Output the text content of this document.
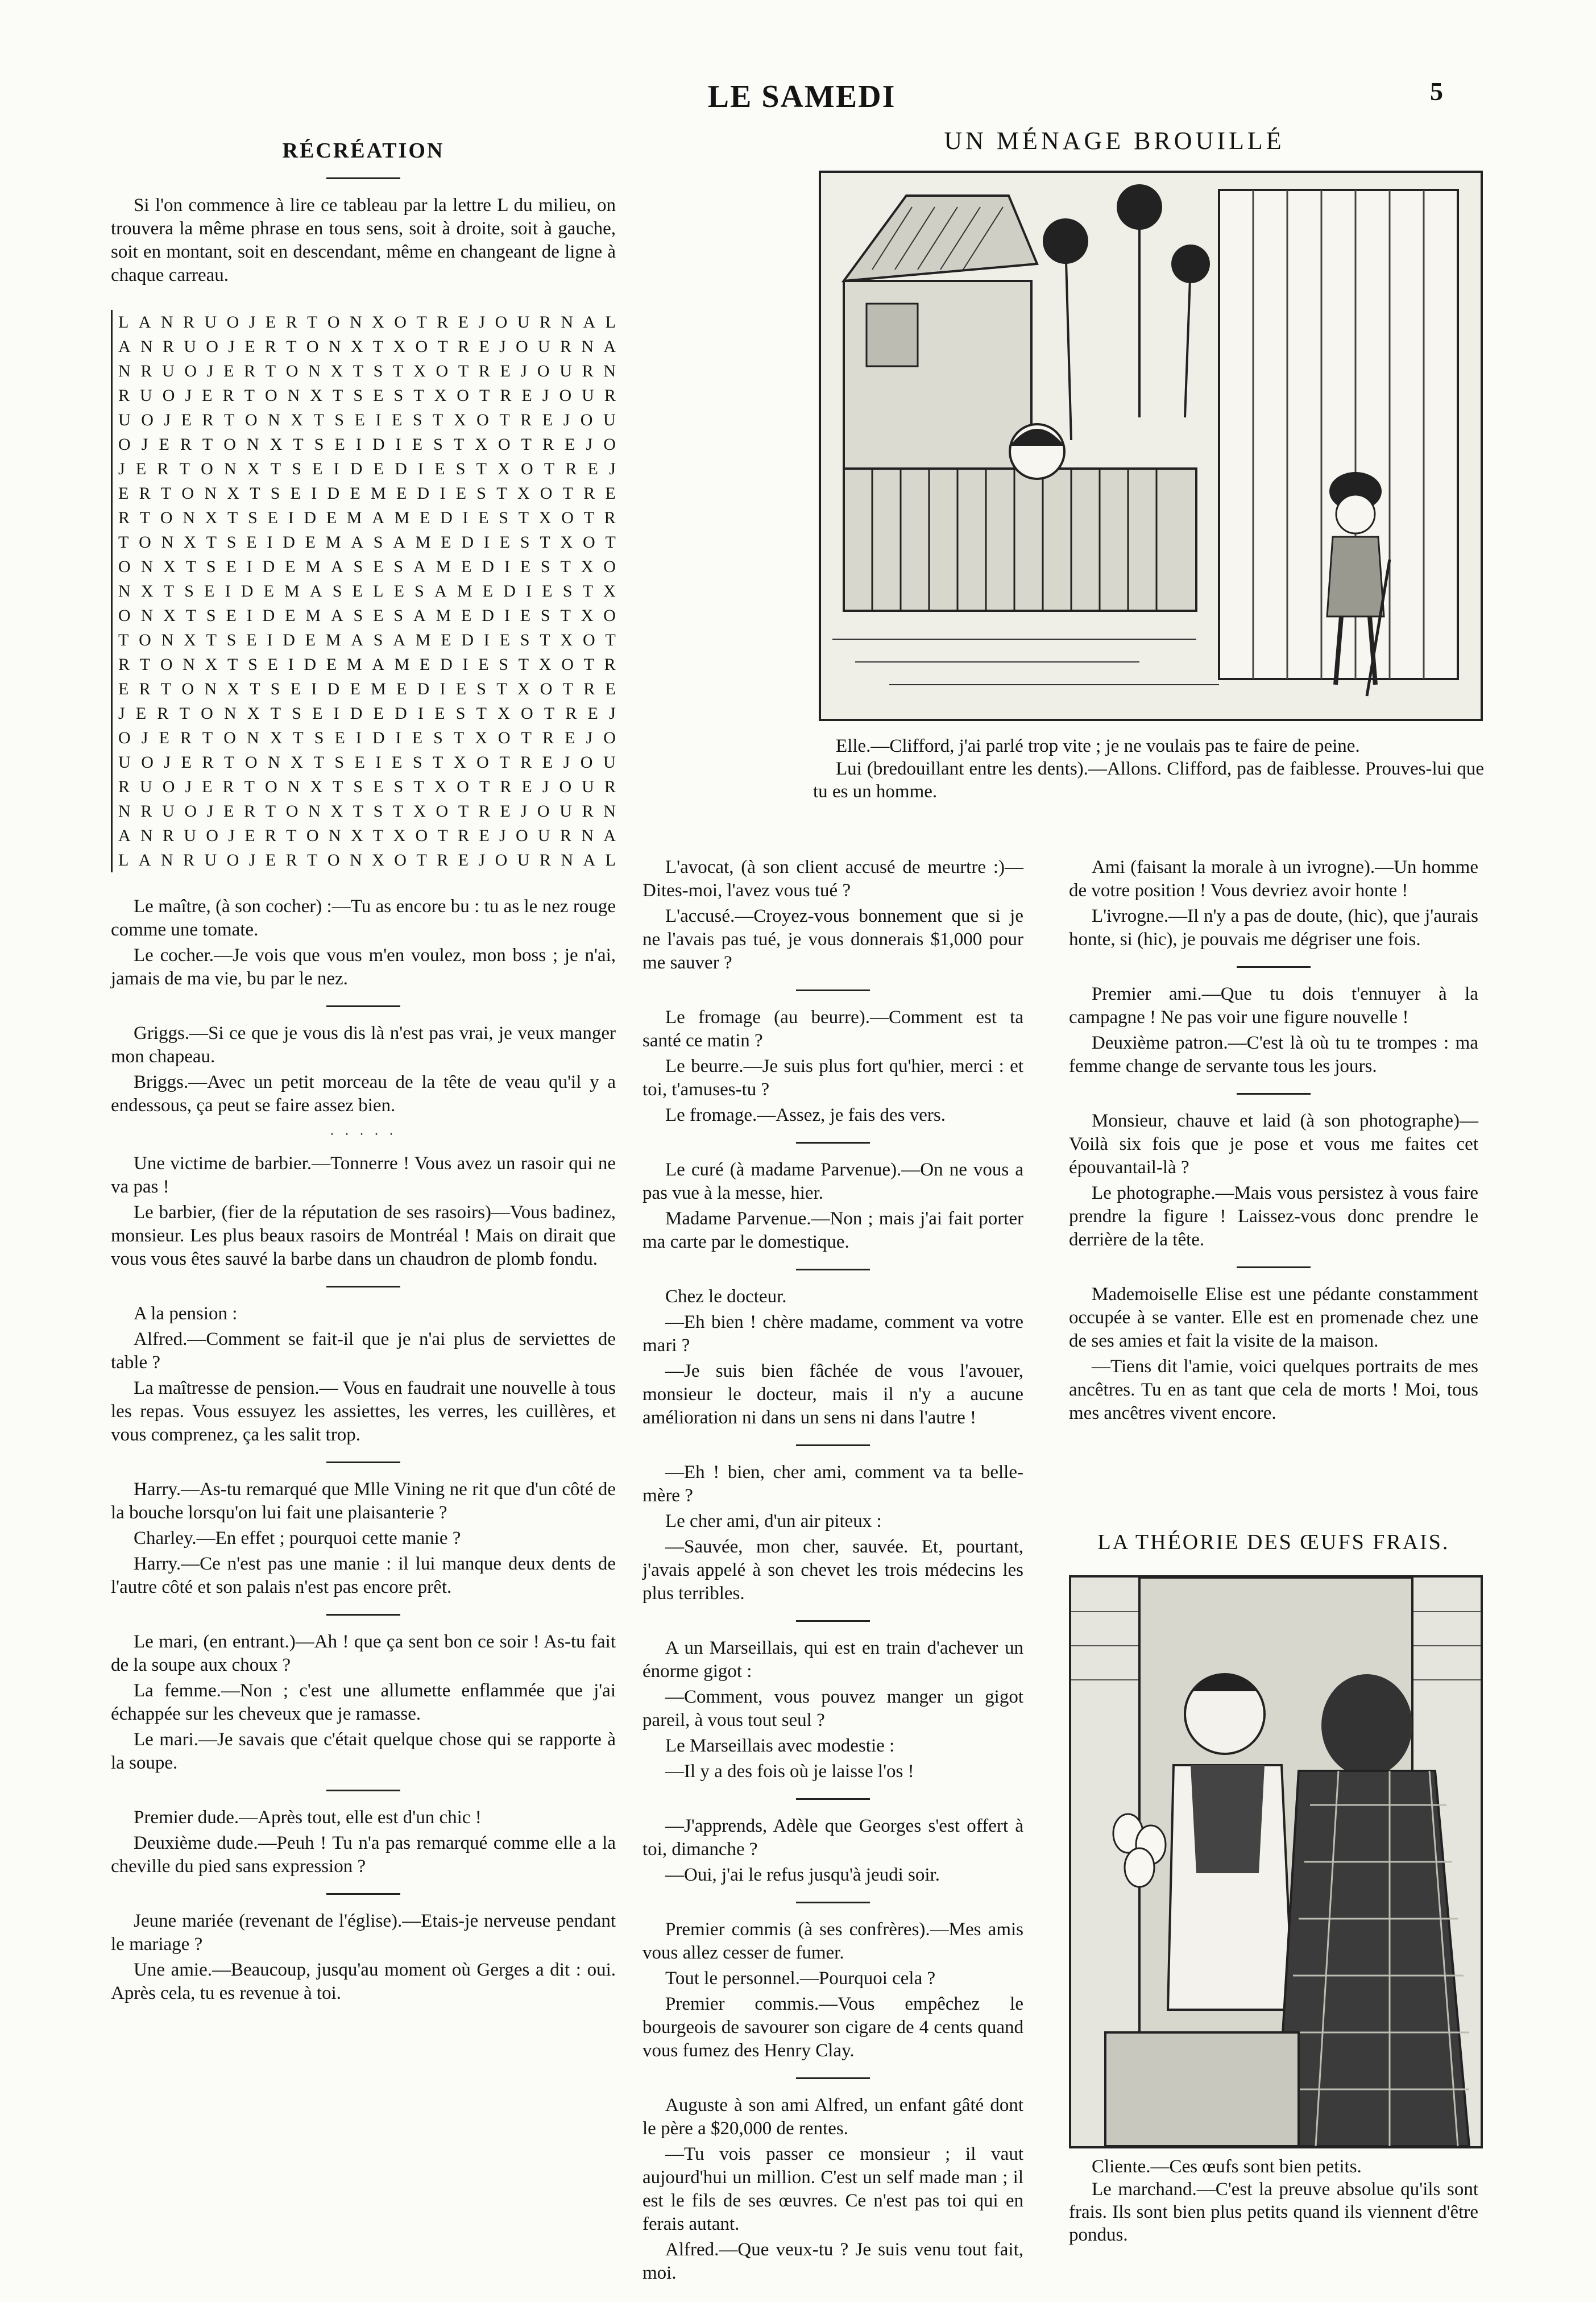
LE SAMEDI	5
RÉCRÉATION

Si l'on commence à lire ce tableau par la lettre L du milieu, on trouvera la même phrase en tous sens, soit à droite, soit à gauche, soit en montant, soit en descendant, même en changeant de ligne à chaque carreau.

L A N R U O J E R T O N X O T R E J O U R N A L
A N R U O J E R T O N X T X O T R E J O U R N A
N R U O J E R T O N X T S T X O T R E J O U R N
R U O J E R T O N X T S E S T X O T R E J O U R
U O J E R T O N X T S E I E S T X O T R E J O U
O J E R T O N X T S E I D I E S T X O T R E J O
J E R T O N X T S E I D E D I E S T X O T R E J
E R T O N X T S E I D E M E D I E S T X O T R E
R T O N X T S E I D E M A M E D I E S T X O T R
T O N X T S E I D E M A S A M E D I E S T X O T
O N X T S E I D E M A S E S A M E D I E S T X O
N X T S E I D E M A S E L E S A M E D I E S T X
O N X T S E I D E M A S E S A M E D I E S T X O
T O N X T S E I D E M A S A M E D I E S T X O T
R T O N X T S E I D E M A M E D I E S T X O T R
E R T O N X T S E I D E M E D I E S T X O T R E
J E R T O N X T S E I D E D I E S T X O T R E J
O J E R T O N X T S E I D I E S T X O T R E J O
U O J E R T O N X T S E I E S T X O T R E J O U
R U O J E R T O N X T S E S T X O T R E J O U R
N R U O J E R T O N X T S T X O T R E J O U R N
A N R U O J E R T O N X T X O T R E J O U R N A
L A N R U O J E R T O N X O T R E J O U R N A L

Le maître, (à son cocher) :—Tu as encore bu : tu as le nez rouge comme une tomate.

Le cocher.—Je vois que vous m'en voulez, mon boss ; je n'ai, jamais de ma vie, bu par le nez.

Griggs.—Si ce que je vous dis là n'est pas vrai, je veux manger mon chapeau.

Briggs.—Avec un petit morceau de la tête de veau qu'il y a endessous, ça peut se faire assez bien.

· · · · ·

Une victime de barbier.—Tonnerre ! Vous avez un rasoir qui ne va pas !

Le barbier, (fier de la réputation de ses rasoirs)—Vous badinez, monsieur. Les plus beaux rasoirs de Montréal ! Mais on dirait que vous vous êtes sauvé la barbe dans un chaudron de plomb fondu.

A la pension :

Alfred.—Comment se fait-il que je n'ai plus de serviettes de table ?

La maîtresse de pension.— Vous en faudrait une nouvelle à tous les repas. Vous essuyez les assiettes, les verres, les cuillères, et vous comprenez, ça les salit trop.

Harry.—As-tu remarqué que Mlle Vining ne rit que d'un côté de la bouche lorsqu'on lui fait une plaisanterie ?

Charley.—En effet ; pourquoi cette manie ?

Harry.—Ce n'est pas une manie : il lui manque deux dents de l'autre côté et son palais n'est pas encore prêt.

Le mari, (en entrant.)—Ah ! que ça sent bon ce soir ! As-tu fait de la soupe aux choux ?

La femme.—Non ; c'est une allumette enflammée que j'ai échappée sur les cheveux que je ramasse.

Le mari.—Je savais que c'était quelque chose qui se rapporte à la soupe.

Premier dude.—Après tout, elle est d'un chic !

Deuxième dude.—Peuh ! Tu n'a pas remarqué comme elle a la cheville du pied sans expression ?

Jeune mariée (revenant de l'église).—Etais-je nerveuse pendant le mariage ?

Une amie.—Beaucoup, jusqu'au moment où Gerges a dit : oui. Après cela, tu es revenue à toi.

UN MÉNAGE BROUILLÉ

Elle.—Clifford, j'ai parlé trop vite ; je ne voulais pas te faire de peine.

Lui (bredouillant entre les dents).—Allons. Clifford, pas de faiblesse. Prouves-lui que tu es un homme.

L'avocat, (à son client accusé de meurtre :)—Dites-moi, l'avez vous tué ?

L'accusé.—Croyez-vous bonnement que si je ne l'avais pas tué, je vous donnerais $1,000 pour me sauver ?

Le fromage (au beurre).—Comment est ta santé ce matin ?

Le beurre.—Je suis plus fort qu'hier, merci : et toi, t'amuses-tu ?

Le fromage.—Assez, je fais des vers.

Le curé (à madame Parvenue).—On ne vous a pas vue à la messe, hier.

Madame Parvenue.—Non ; mais j'ai fait porter ma carte par le domestique.

Chez le docteur.

—Eh bien ! chère madame, comment va votre mari ?

—Je suis bien fâchée de vous l'avouer, monsieur le docteur, mais il n'y a aucune amélioration ni dans un sens ni dans l'autre !

—Eh ! bien, cher ami, comment va ta belle-mère ?

Le cher ami, d'un air piteux :

—Sauvée, mon cher, sauvée. Et, pourtant, j'avais appelé à son chevet les trois médecins les plus terribles.

A un Marseillais, qui est en train d'achever un énorme gigot :

—Comment, vous pouvez manger un gigot pareil, à vous tout seul ?

Le Marseillais avec modestie :

—Il y a des fois où je laisse l'os !

—J'apprends, Adèle que Georges s'est offert à toi, dimanche ?

—Oui, j'ai le refus jusqu'à jeudi soir.

Premier commis (à ses confrères).—Mes amis vous allez cesser de fumer.

Tout le personnel.—Pourquoi cela ?

Premier commis.—Vous empêchez le bourgeois de savourer son cigare de 4 cents quand vous fumez des Henry Clay.

Auguste à son ami Alfred, un enfant gâté dont le père a $20,000 de rentes.

—Tu vois passer ce monsieur ; il vaut aujourd'hui un million. C'est un self made man ; il est le fils de ses œuvres. Ce n'est pas toi qui en ferais autant.

Alfred.—Que veux-tu ? Je suis venu tout fait, moi.

Ami (faisant la morale à un ivrogne).—Un homme de votre position ! Vous devriez avoir honte !

L'ivrogne.—Il n'y a pas de doute, (hic), que j'aurais honte, si (hic), je pouvais me dégriser une fois.

Premier ami.—Que tu dois t'ennuyer à la campagne ! Ne pas voir une figure nouvelle !

Deuxième patron.—C'est là où tu te trompes : ma femme change de servante tous les jours.

Monsieur, chauve et laid (à son photographe)—Voilà six fois que je pose et vous me faites cet épouvantail-là ?

Le photographe.—Mais vous persistez à vous faire prendre la figure ! Laissez-vous donc prendre le derrière de la tête.

Mademoiselle Elise est une pédante constamment occupée à se vanter. Elle est en promenade chez une de ses amies et fait la visite de la maison.

—Tiens dit l'amie, voici quelques portraits de mes ancêtres. Tu en as tant que cela de morts ! Moi, tous mes ancêtres vivent encore.

LA THÉORIE DES ŒUFS FRAIS.

Cliente.—Ces œufs sont bien petits.

Le marchand.—C'est la preuve absolue qu'ils sont frais. Ils sont bien plus petits quand ils viennent d'être pondus.
